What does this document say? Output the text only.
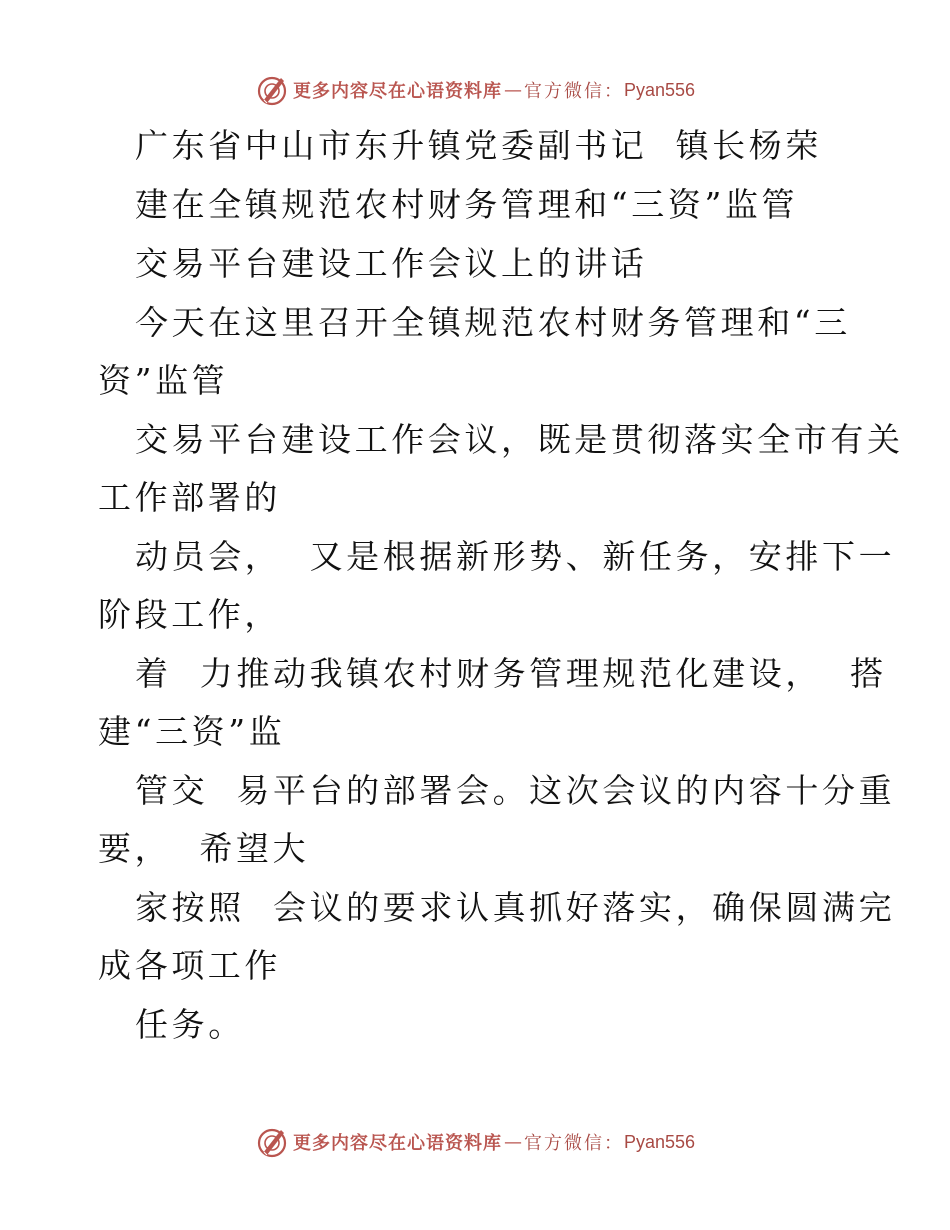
更多内容尽在心语资料库 — 官方微信： Pyan556

广东省中山市东升镇党委副书记  镇长杨荣

建在全镇规范农村财务管理和“三资”监管

交易平台建设工作会议上的讲话

今天在这里召开全镇规范农村财务管理和“三

资”监管

交易平台建设工作会议，既是贯彻落实全市有关

工作部署的

动员会，  又是根据新形势、新任务，安排下一

阶段工作，

着  力推动我镇农村财务管理规范化建设，  搭

建“三资”监

管交  易平台的部署会。这次会议的内容十分重

要，  希望大

家按照  会议的要求认真抓好落实，确保圆满完

成各项工作

任务。

更多内容尽在心语资料库 — 官方微信： Pyan556
